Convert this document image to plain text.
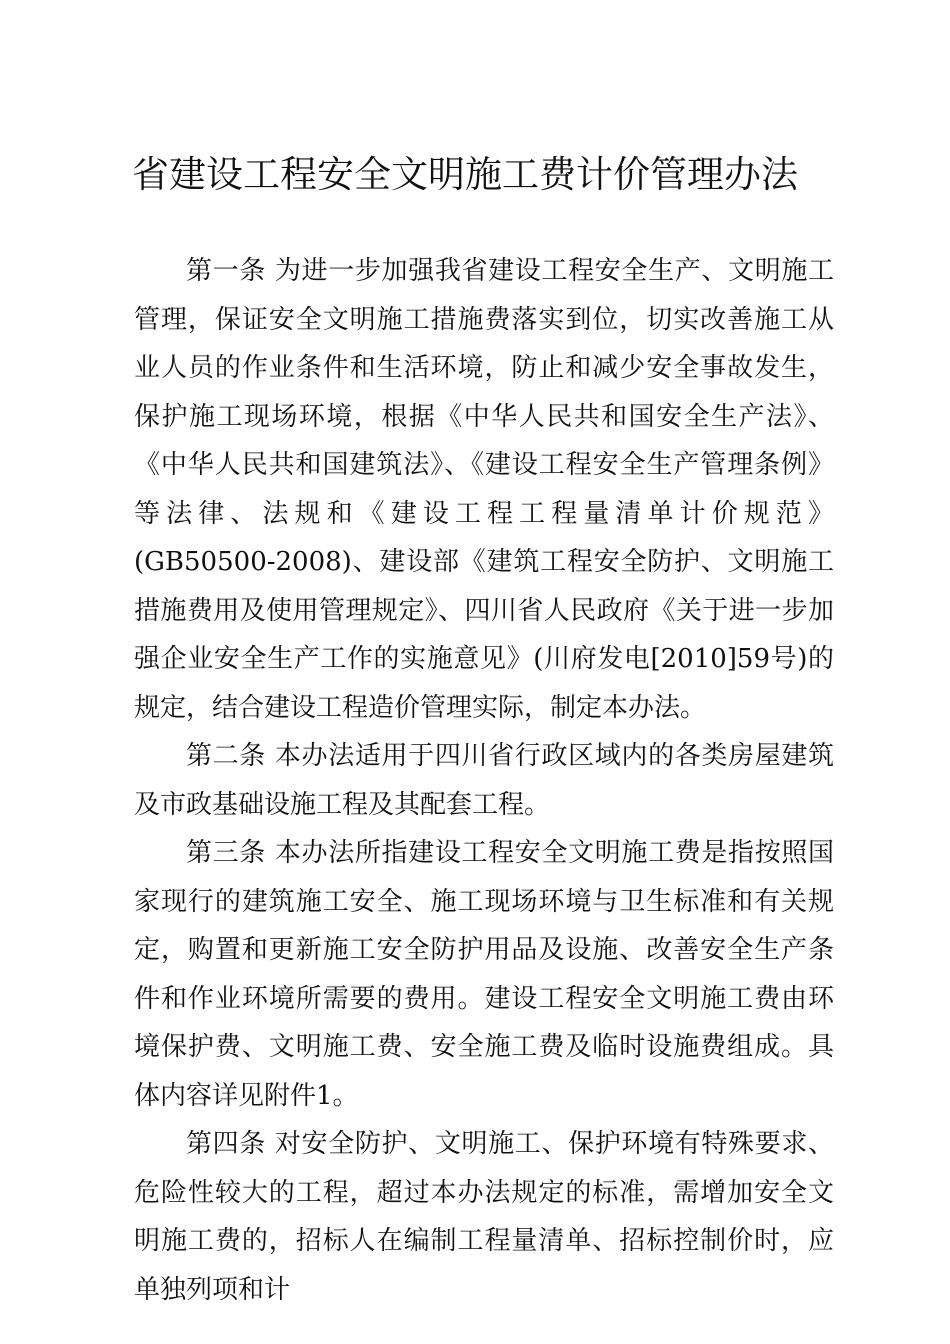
省建设工程安全文明施工费计价管理办法

第一条 为进一步加强我省建设工程安全生产、文明施工管理，保证安全文明施工措施费落实到位，切实改善施工从业人员的作业条件和生活环境，防止和减少安全事故发生，保护施工现场环境，根据《中华人民共和国安全生产法》、《中华人民共和国建筑法》、《建设工程安全生产管理条例》等法律、法规和《建设工程工程量清单计价规范》(GB50500-2008)、建设部《建筑工程安全防护、文明施工措施费用及使用管理规定》、四川省人民政府《关于进一步加强企业安全生产工作的实施意见》(川府发电[2010]59号)的规定，结合建设工程造价管理实际，制定本办法。

第二条 本办法适用于四川省行政区域内的各类房屋建筑及市政基础设施工程及其配套工程。

第三条 本办法所指建设工程安全文明施工费是指按照国家现行的建筑施工安全、施工现场环境与卫生标准和有关规定，购置和更新施工安全防护用品及设施、改善安全生产条件和作业环境所需要的费用。建设工程安全文明施工费由环境保护费、文明施工费、安全施工费及临时设施费组成。具体内容详见附件1。

第四条 对安全防护、文明施工、保护环境有特殊要求、危险性较大的工程，超过本办法规定的标准，需增加安全文明施工费的，招标人在编制工程量清单、招标控制价时，应单独列项和计
